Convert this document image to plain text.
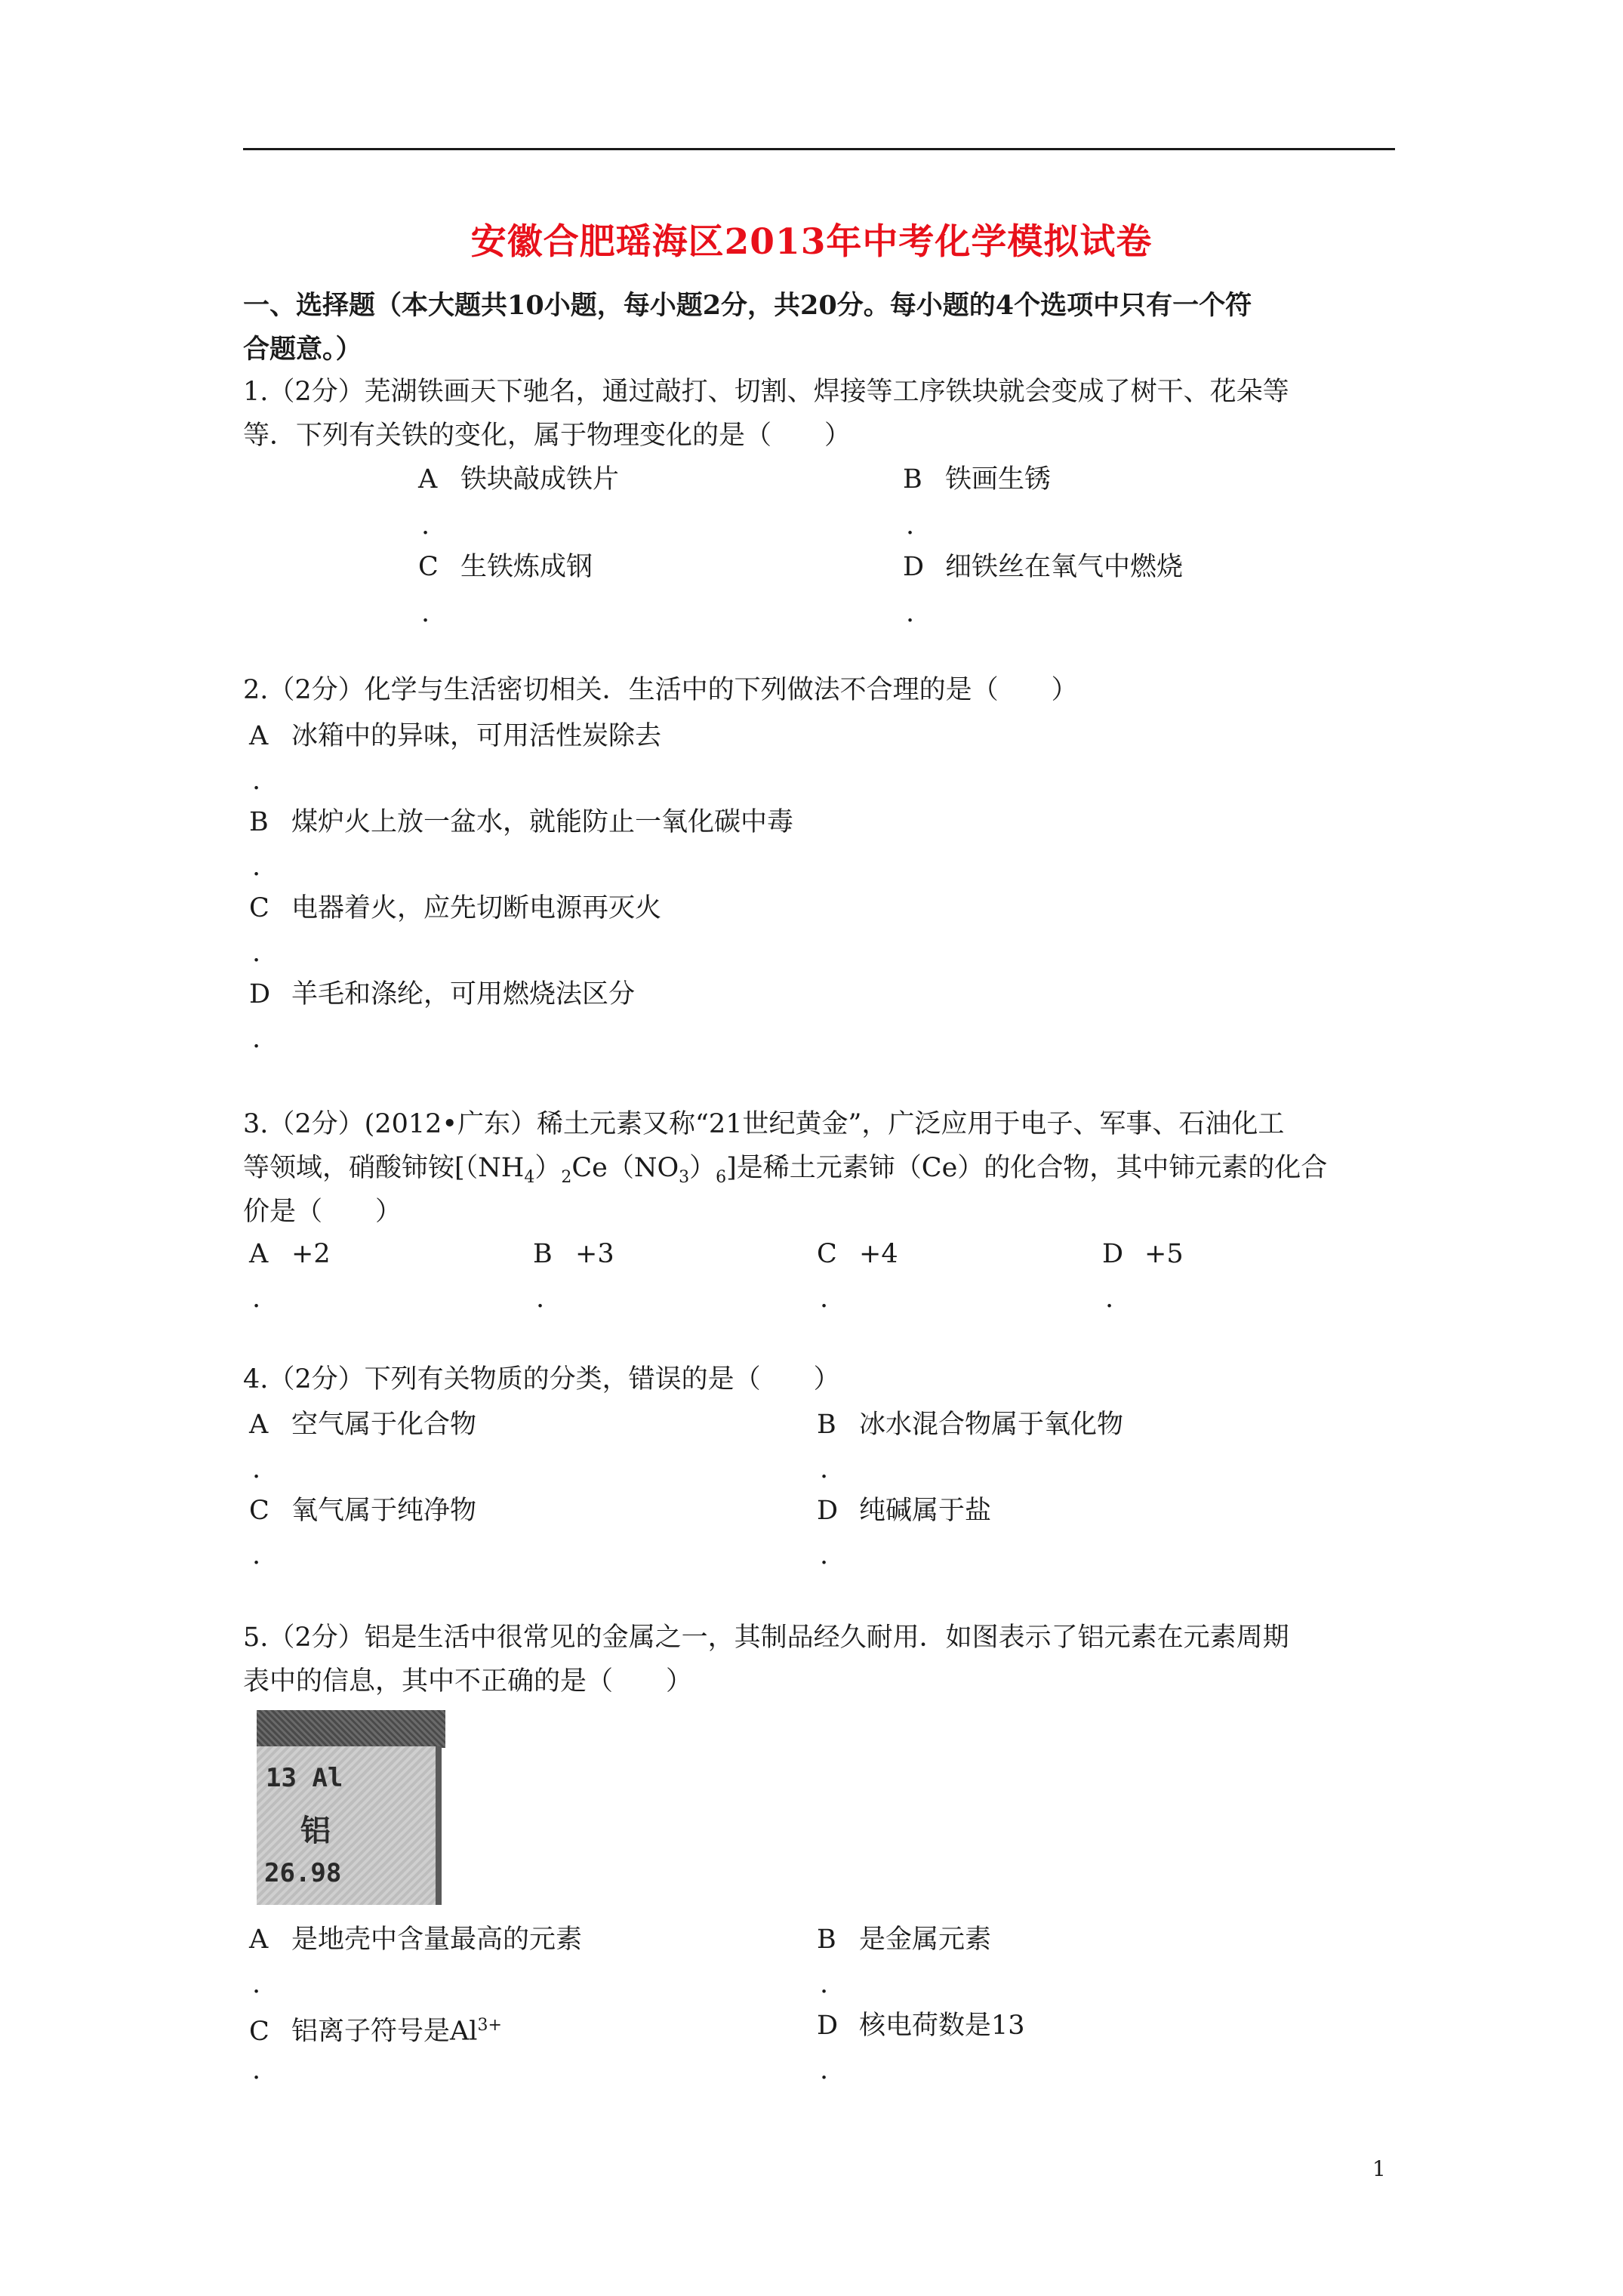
安徽合肥瑶海区2013年中考化学模拟试卷
一、选择题（本大题共10小题，每小题2分，共20分。每小题的4个选项中只有一个符
合题意。）
1.（2分）芜湖铁画天下驰名，通过敲打、切割、焊接等工序铁块就会变成了树干、花朵等
等．下列有关铁的变化，属于物理变化的是（　　）
A 铁块敲成铁片
.
B 铁画生锈
.
C 生铁炼成钢
.
D 细铁丝在氧气中燃烧
.
2.（2分）化学与生活密切相关．生活中的下列做法不合理的是（　　）
A 冰箱中的异味，可用活性炭除去
.
B 煤炉火上放一盆水，就能防止一氧化碳中毒
.
C 电器着火，应先切断电源再灭火
.
D 羊毛和涤纶，可用燃烧法区分
.
3.（2分）(2012•广东）稀土元素又称“21世纪黄金”，广泛应用于电子、军事、石油化工
等领域，硝酸铈铵$[(NH_4)_2Ce(NO_3)_6]$是稀土元素铈（Ce）的化合物，其中铈元素的化合
价是（　　）
A +2
.
B +3
.
C +4
.
D +5
.
4.（2分）下列有关物质的分类，错误的是（　　）
A 空气属于化合物
.
B 冰水混合物属于氧化物
.
C 氧气属于纯净物
.
D 纯碱属于盐
.
5.（2分）铝是生活中很常见的金属之一，其制品经久耐用．如图表示了铝元素在元素周期
表中的信息，其中不正确的是（　　）
13 Al
铝
26.98
A 是地壳中含量最高的元素
.
B 是金属元素
.
C 铝离子符号是$Al^{3+}$
.
D 核电荷数是13
.
1
